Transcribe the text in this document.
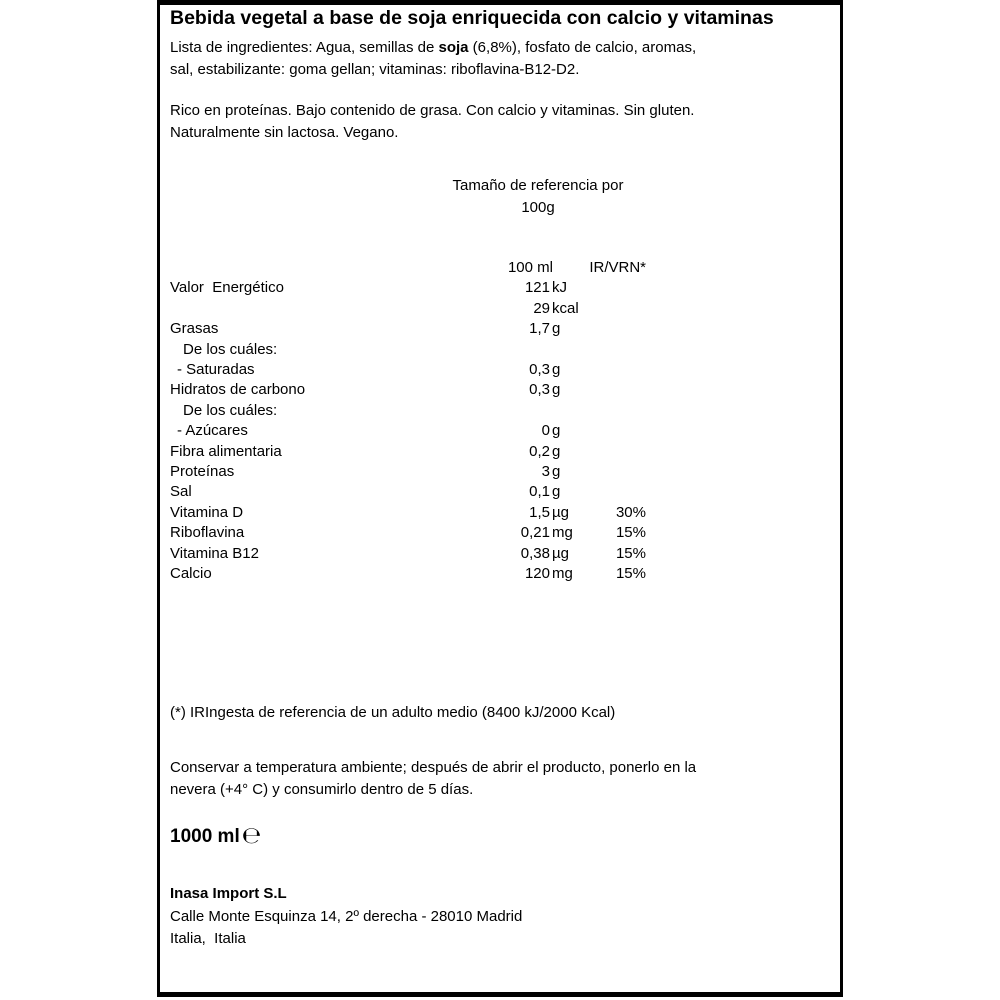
Bebida vegetal a base de soja enriquecida con calcio y vitaminas
Lista de ingredientes: Agua, semillas de soja (6,8%), fosfato de calcio, aromas,
sal, estabilizante: goma gellan; vitaminas: riboflavina-B12-D2.
Rico en proteínas. Bajo contenido de grasa. Con calcio y vitaminas. Sin gluten.
Naturalmente sin lactosa. Vegano.
Tamaño de referencia por
100g
100 ml	IR/VRN*
Valor  Energético	121 kJ
29 kcal
Grasas	1,7 g
De los cuáles:
- Saturadas	0,3 g
Hidratos de carbono	0,3 g
De los cuáles:
- Azúcares	0 g
Fibra alimentaria	0,2 g
Proteínas	3 g
Sal	0,1 g
Vitamina D	1,5 µg	30%
Riboflavina	0,21 mg	15%
Vitamina B12	0,38 µg	15%
Calcio	120 mg	15%
(*) IRIngesta de referencia de un adulto medio (8400 kJ/2000 Kcal)
Conservar a temperatura ambiente; después de abrir el producto, ponerlo en la
nevera (+4° C) y consumirlo dentro de 5 días.
1000 ml℮
Inasa Import S.L
Calle Monte Esquinza 14, 2º derecha - 28010 Madrid
Italia,  Italia
